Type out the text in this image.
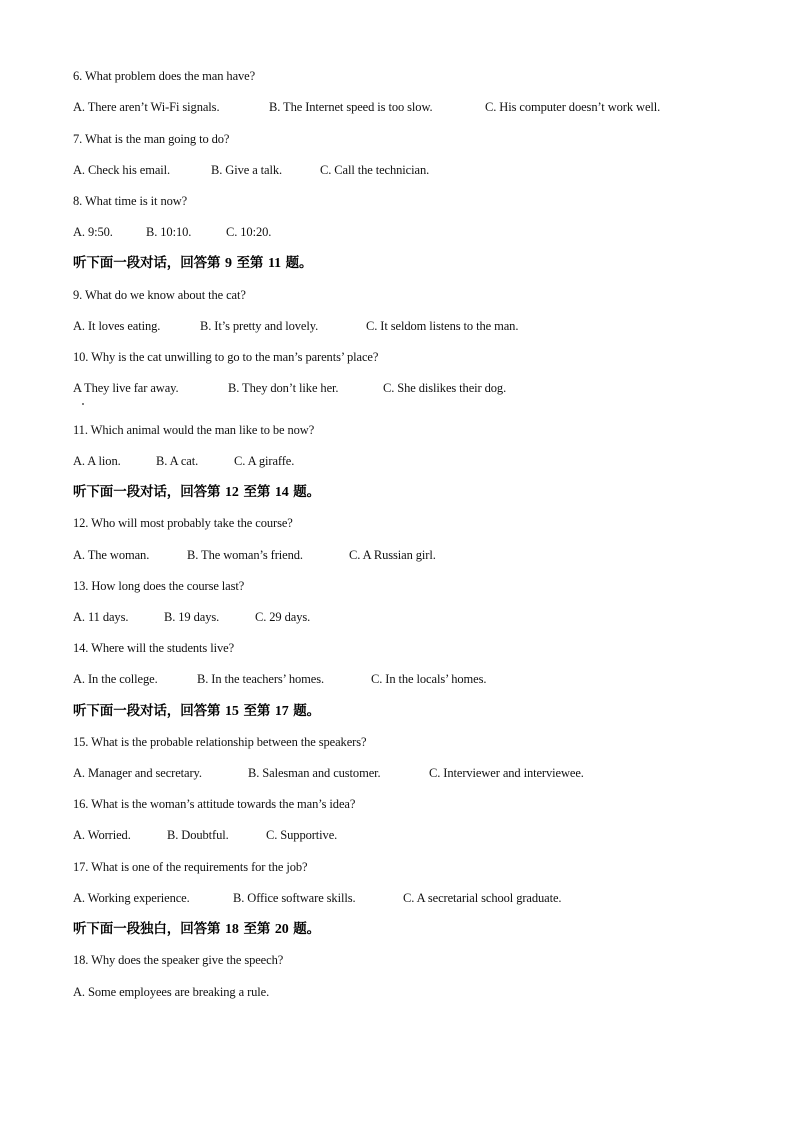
6. What problem does the man have?
A. There aren’t Wi-Fi signals.	B. The Internet speed is too slow.	C. His computer doesn’t work well.
7. What is the man going to do?
A. Check his email.	B. Give a talk.	C. Call the technician.
8. What time is it now?
A. 9:50.	B. 10:10.	C. 10:20.
听下面一段对话，回答第 9 至第 11 题。
9. What do we know about the cat?
A. It loves eating.	B. It’s pretty and lovely.	C. It seldom listens to the man.
10. Why is the cat unwilling to go to the man’s parents’ place?
A They live far away.	B. They don’t like her.	C. She dislikes their dog.
11. Which animal would the man like to be now?
A. A lion.	B. A cat.	C. A giraffe.
听下面一段对话，回答第 12 至第 14 题。
12. Who will most probably take the course?
A. The woman.	B. The woman’s friend.	C. A Russian girl.
13. How long does the course last?
A. 11 days.	B. 19 days.	C. 29 days.
14. Where will the students live?
A. In the college.	B. In the teachers’ homes.	C. In the locals’ homes.
听下面一段对话，回答第 15 至第 17 题。
15. What is the probable relationship between the speakers?
A. Manager and secretary.	B. Salesman and customer.	C. Interviewer and interviewee.
16. What is the woman’s attitude towards the man’s idea?
A. Worried.	B. Doubtful.	C. Supportive.
17. What is one of the requirements for the job?
A. Working experience.	B. Office software skills.	C. A secretarial school graduate.
听下面一段独白，回答第 18 至第 20 题。
18. Why does the speaker give the speech?
A. Some employees are breaking a rule.
